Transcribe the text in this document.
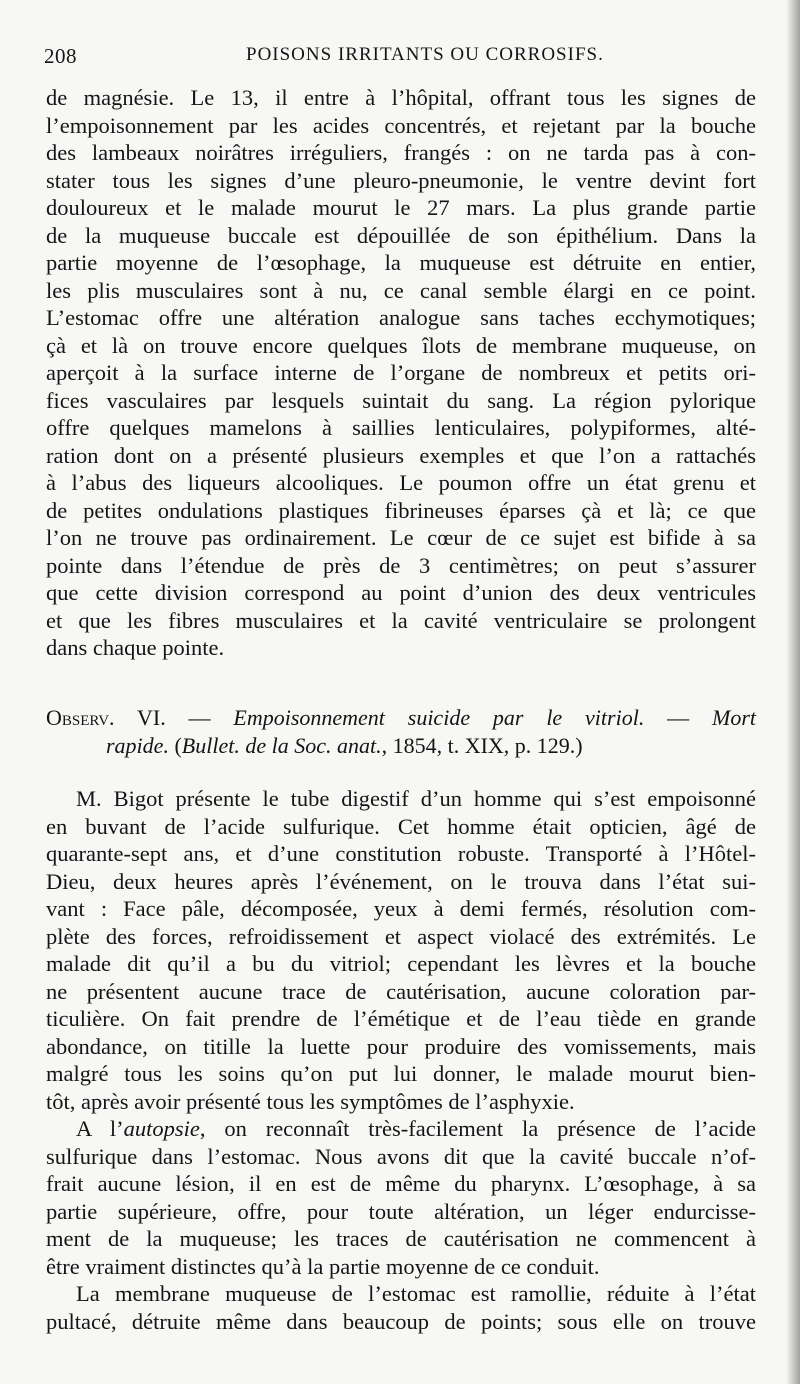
208	POISONS IRRITANTS OU CORROSIFS.
de magnésie. Le 13, il entre à l’hôpital, offrant tous les signes de
l’empoisonnement par les acides concentrés, et rejetant par la bouche
des lambeaux noirâtres irréguliers, frangés : on ne tarda pas à con-
stater tous les signes d’une pleuro-pneumonie, le ventre devint fort
douloureux et le malade mourut le 27 mars. La plus grande partie
de la muqueuse buccale est dépouillée de son épithélium. Dans la
partie moyenne de l’œsophage, la muqueuse est détruite en entier,
les plis musculaires sont à nu, ce canal semble élargi en ce point.
L’estomac offre une altération analogue sans taches ecchymotiques;
çà et là on trouve encore quelques îlots de membrane muqueuse, on
aperçoit à la surface interne de l’organe de nombreux et petits ori-
fices vasculaires par lesquels suintait du sang. La région pylorique
offre quelques mamelons à saillies lenticulaires, polypiformes, alté-
ration dont on a présenté plusieurs exemples et que l’on a rattachés
à l’abus des liqueurs alcooliques. Le poumon offre un état grenu et
de petites ondulations plastiques fibrineuses éparses çà et là; ce que
l’on ne trouve pas ordinairement. Le cœur de ce sujet est bifide à sa
pointe dans l’étendue de près de 3 centimètres; on peut s’assurer
que cette division correspond au point d’union des deux ventricules
et que les fibres musculaires et la cavité ventriculaire se prolongent
dans chaque pointe.
Observ. VI. — Empoisonnement suicide par le vitriol. — Mort
rapide. (Bullet. de la Soc. anat., 1854, t. XIX, p. 129.)
M. Bigot présente le tube digestif d’un homme qui s’est empoisonné
en buvant de l’acide sulfurique. Cet homme était opticien, âgé de
quarante-sept ans, et d’une constitution robuste. Transporté à l’Hôtel-
Dieu, deux heures après l’événement, on le trouva dans l’état sui-
vant : Face pâle, décomposée, yeux à demi fermés, résolution com-
plète des forces, refroidissement et aspect violacé des extrémités. Le
malade dit qu’il a bu du vitriol; cependant les lèvres et la bouche
ne présentent aucune trace de cautérisation, aucune coloration par-
ticulière. On fait prendre de l’émétique et de l’eau tiède en grande
abondance, on titille la luette pour produire des vomissements, mais
malgré tous les soins qu’on put lui donner, le malade mourut bien-
tôt, après avoir présenté tous les symptômes de l’asphyxie.
A l’autopsie, on reconnaît très-facilement la présence de l’acide
sulfurique dans l’estomac. Nous avons dit que la cavité buccale n’of-
frait aucune lésion, il en est de même du pharynx. L’œsophage, à sa
partie supérieure, offre, pour toute altération, un léger endurcisse-
ment de la muqueuse; les traces de cautérisation ne commencent à
être vraiment distinctes qu’à la partie moyenne de ce conduit.
La membrane muqueuse de l’estomac est ramollie, réduite à l’état
pultacé, détruite même dans beaucoup de points; sous elle on trouve
